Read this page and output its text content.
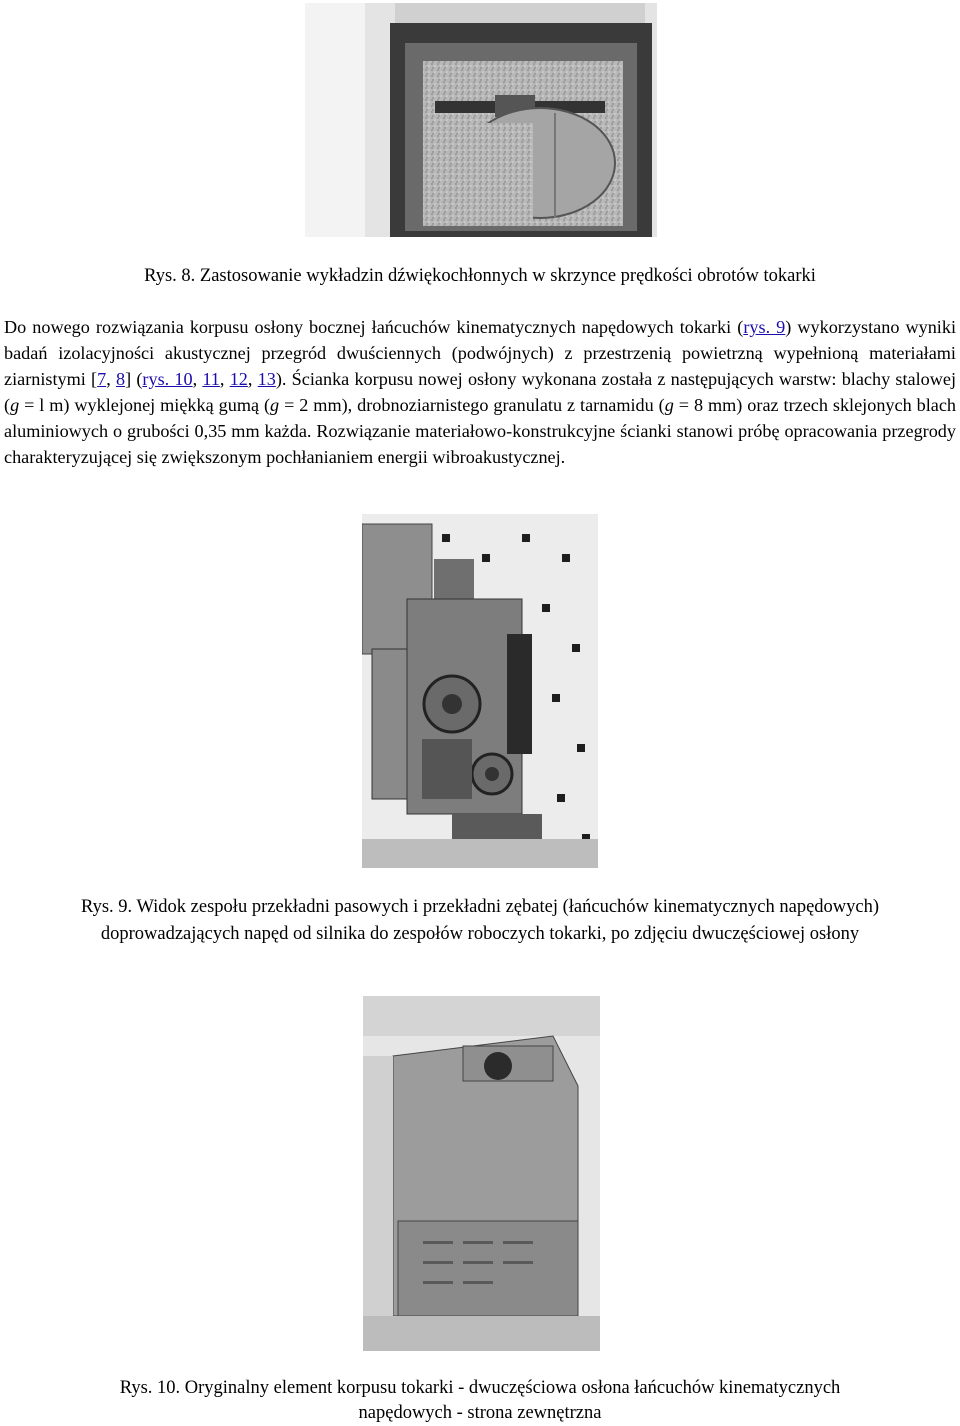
Rys. 8. Zastosowanie wykładzin dźwiękochłonnych w skrzynce prędkości obrotów tokarki

Do nowego rozwiązania korpusu osłony bocznej łańcuchów kinematycznych napędowych tokarki (rys. 9) wykorzystano wyniki badań izolacyjności akustycznej przegród dwuściennych (podwójnych) z przestrzenią powietrzną wypełnioną materiałami ziarnistymi [7, 8] (rys. 10, 11, 12, 13). Ścianka korpusu nowej osłony wykonana została z następujących warstw: blachy stalowej (g = l m) wyklejonej miękką gumą (g = 2 mm), drobnoziarnistego granulatu z tarnamidu (g = 8 mm) oraz trzech sklejonych blach aluminiowych o grubości 0,35 mm każda. Rozwiązanie materiałowo-konstrukcyjne ścianki stanowi próbę opracowania przegrody charakteryzującej się zwiększonym pochłanianiem energii wibroakustycznej.

Rys. 9. Widok zespołu przekładni pasowych i przekładni zębatej (łańcuchów kinematycznych napędowych)

doprowadzających napęd od silnika do zespołów roboczych tokarki, po zdjęciu dwuczęściowej osłony

Rys. 10. Oryginalny element korpusu tokarki - dwuczęściowa osłona łańcuchów kinematycznych

napędowych - strona zewnętrzna
